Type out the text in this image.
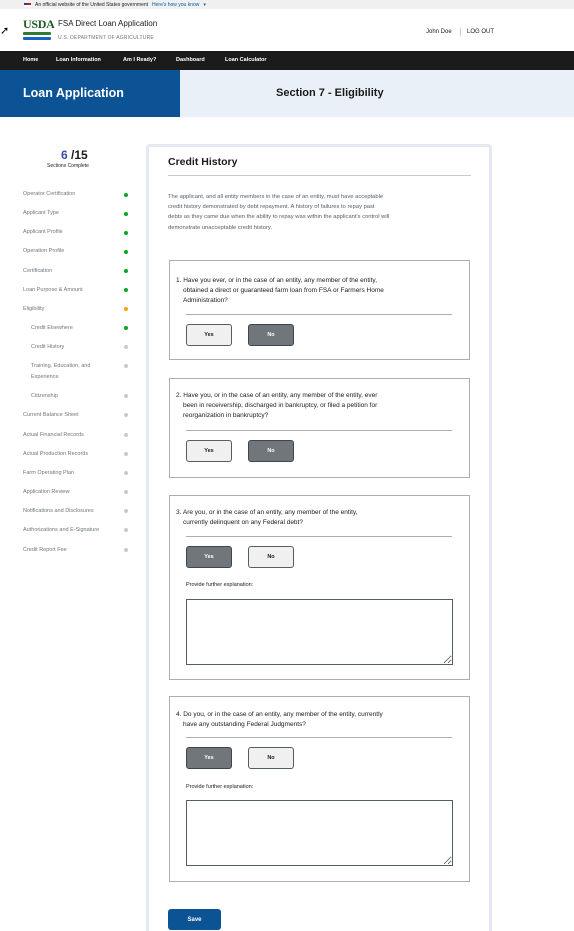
An official website of the United States government Here's how you know ▾
USDA FSA Direct Loan Application
U.S. DEPARTMENT OF AGRICULTURE
John Doe	LOG OUT
➚
Home	Loan Information	Am I Ready?	Dashboard	Loan Calculator
Loan Application	Section 7 - Eligibility
6 /15
Sections Complete
Operator Certification
Applicant Type
Applicant Profile
Operation Profile
Certification
Loan Purpose & Amount
Eligibility
Credit Elsewhere
Credit History
Training, Education, and
Experience
Citizenship
Current Balance Sheet
Actual Financial Records
Actual Production Records
Farm Operating Plan
Application Review
Notifications and Disclosures
Authorizations and E-Signature
Credit Report Fee
Credit History
The applicant, and all entity members in the case of an entity, must have acceptable
credit history demonstrated by debt repayment. A history of failures to repay past
debts as they came due when the ability to repay was within the applicant's control will
demonstrate unacceptable credit history.
1. Have you ever, or in the case of an entity, any member of the entity,
obtained a direct or guaranteed farm loan from FSA or Farmers Home
Administration?
Yes	No
2. Have you, or in the case of an entity, any member of the entity, ever
been in receivership, discharged in bankruptcy, or filed a petition for
reorganization in bankruptcy?
Yes	No
3. Are you, or in the case of an entity, any member of the entity,
currently delinquent on any Federal debt?
Yes	No
Provide further explanation:
4. Do you, or in the case of an entity, any member of the entity, currently
have any outstanding Federal Judgments?
Yes	No
Provide further explanation:
Save
